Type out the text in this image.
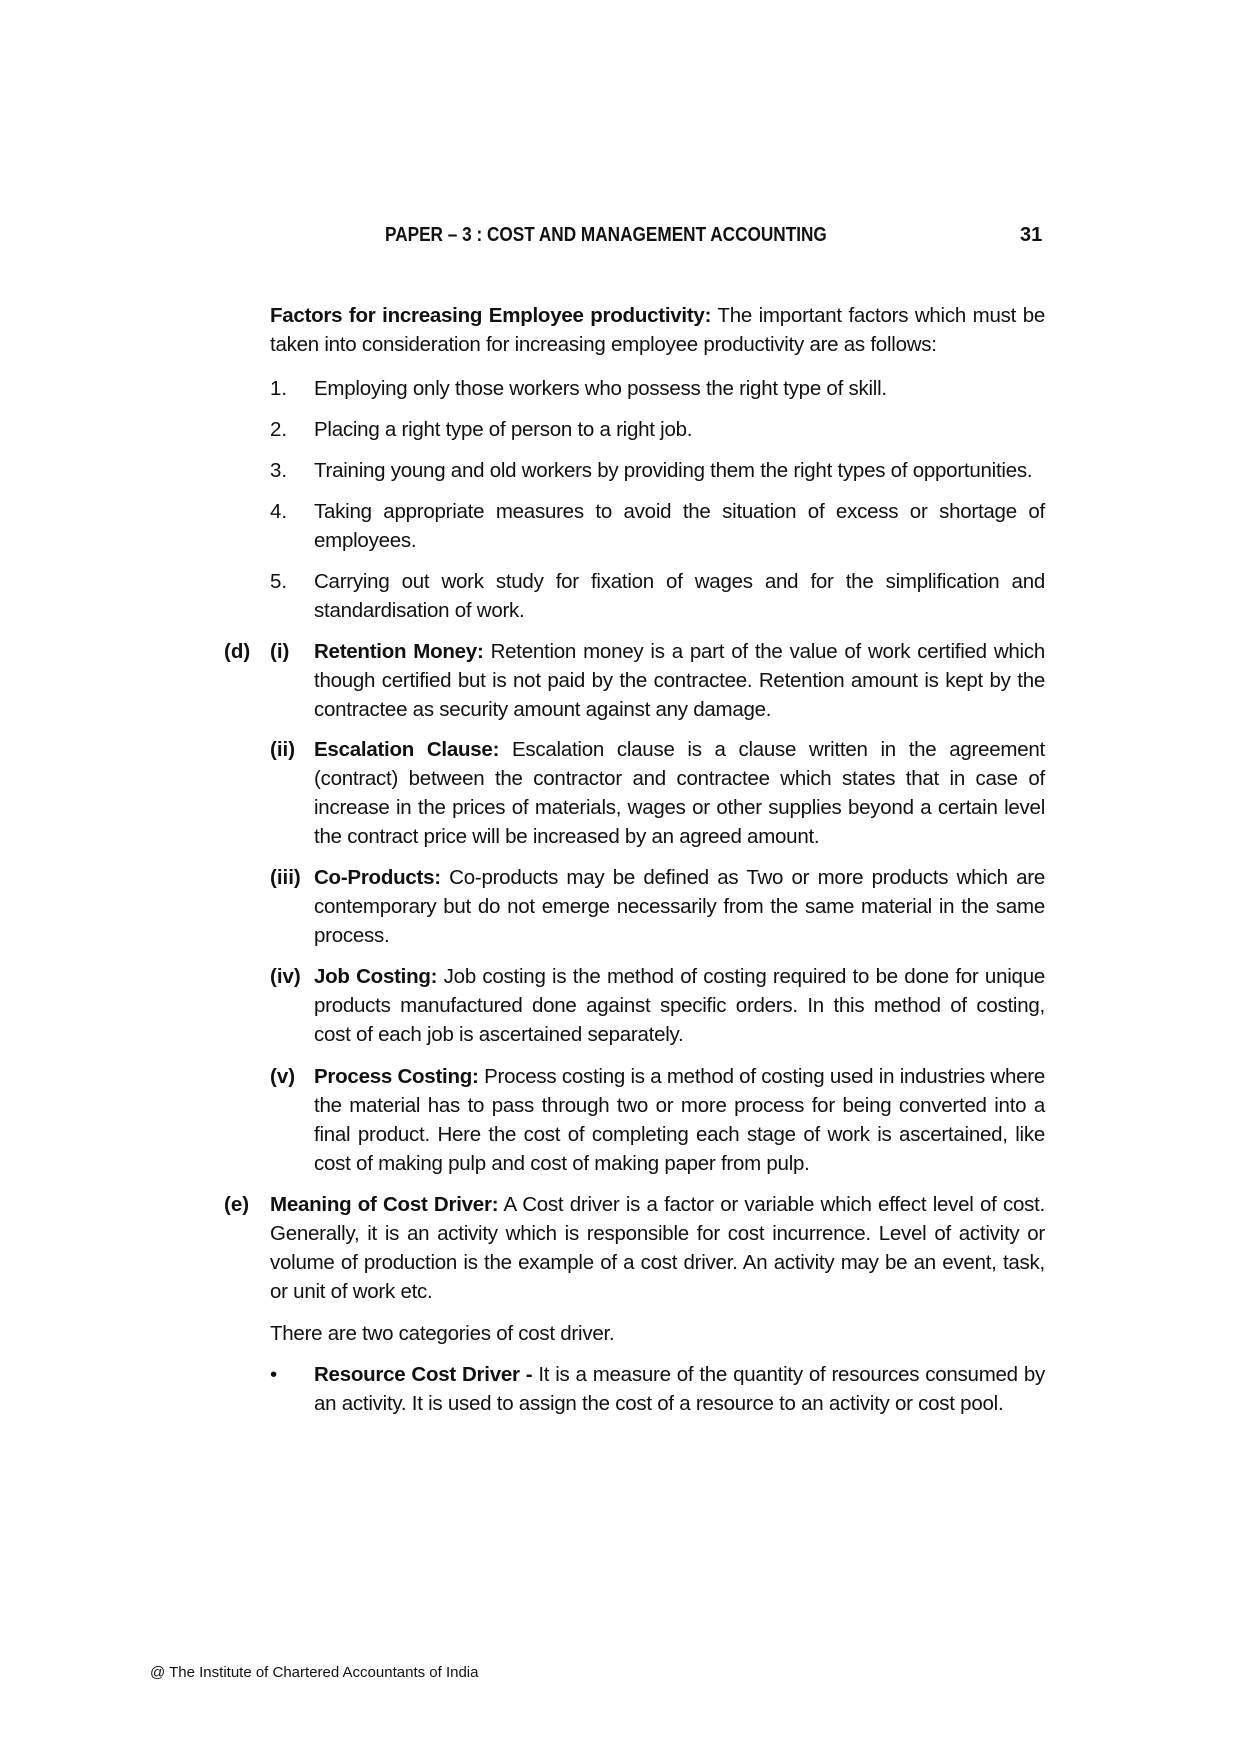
PAPER – 3 : COST AND MANAGEMENT ACCOUNTING	31
Factors for increasing Employee productivity: The important factors which must be taken into consideration for increasing employee productivity are as follows:
1. Employing only those workers who possess the right type of skill.
2. Placing a right type of person to a right job.
3. Training young and old workers by providing them the right types of opportunities.
4. Taking appropriate measures to avoid the situation of excess or shortage of employees.
5. Carrying out work study for fixation of wages and for the simplification and standardisation of work.
(d) (i) Retention Money: Retention money is a part of the value of work certified which though certified but is not paid by the contractee. Retention amount is kept by the contractee as security amount against any damage.
(ii) Escalation Clause: Escalation clause is a clause written in the agreement (contract) between the contractor and contractee which states that in case of increase in the prices of materials, wages or other supplies beyond a certain level the contract price will be increased by an agreed amount.
(iii) Co-Products: Co-products may be defined as Two or more products which are contemporary but do not emerge necessarily from the same material in the same process.
(iv) Job Costing: Job costing is the method of costing required to be done for unique products manufactured done against specific orders. In this method of costing, cost of each job is ascertained separately.
(v) Process Costing: Process costing is a method of costing used in industries where the material has to pass through two or more process for being converted into a final product. Here the cost of completing each stage of work is ascertained, like cost of making pulp and cost of making paper from pulp.
(e) Meaning of Cost Driver: A Cost driver is a factor or variable which effect level of cost. Generally, it is an activity which is responsible for cost incurrence. Level of activity or volume of production is the example of a cost driver. An activity may be an event, task, or unit of work etc.
There are two categories of cost driver.
• Resource Cost Driver - It is a measure of the quantity of resources consumed by an activity. It is used to assign the cost of a resource to an activity or cost pool.
@ The Institute of Chartered Accountants of India
